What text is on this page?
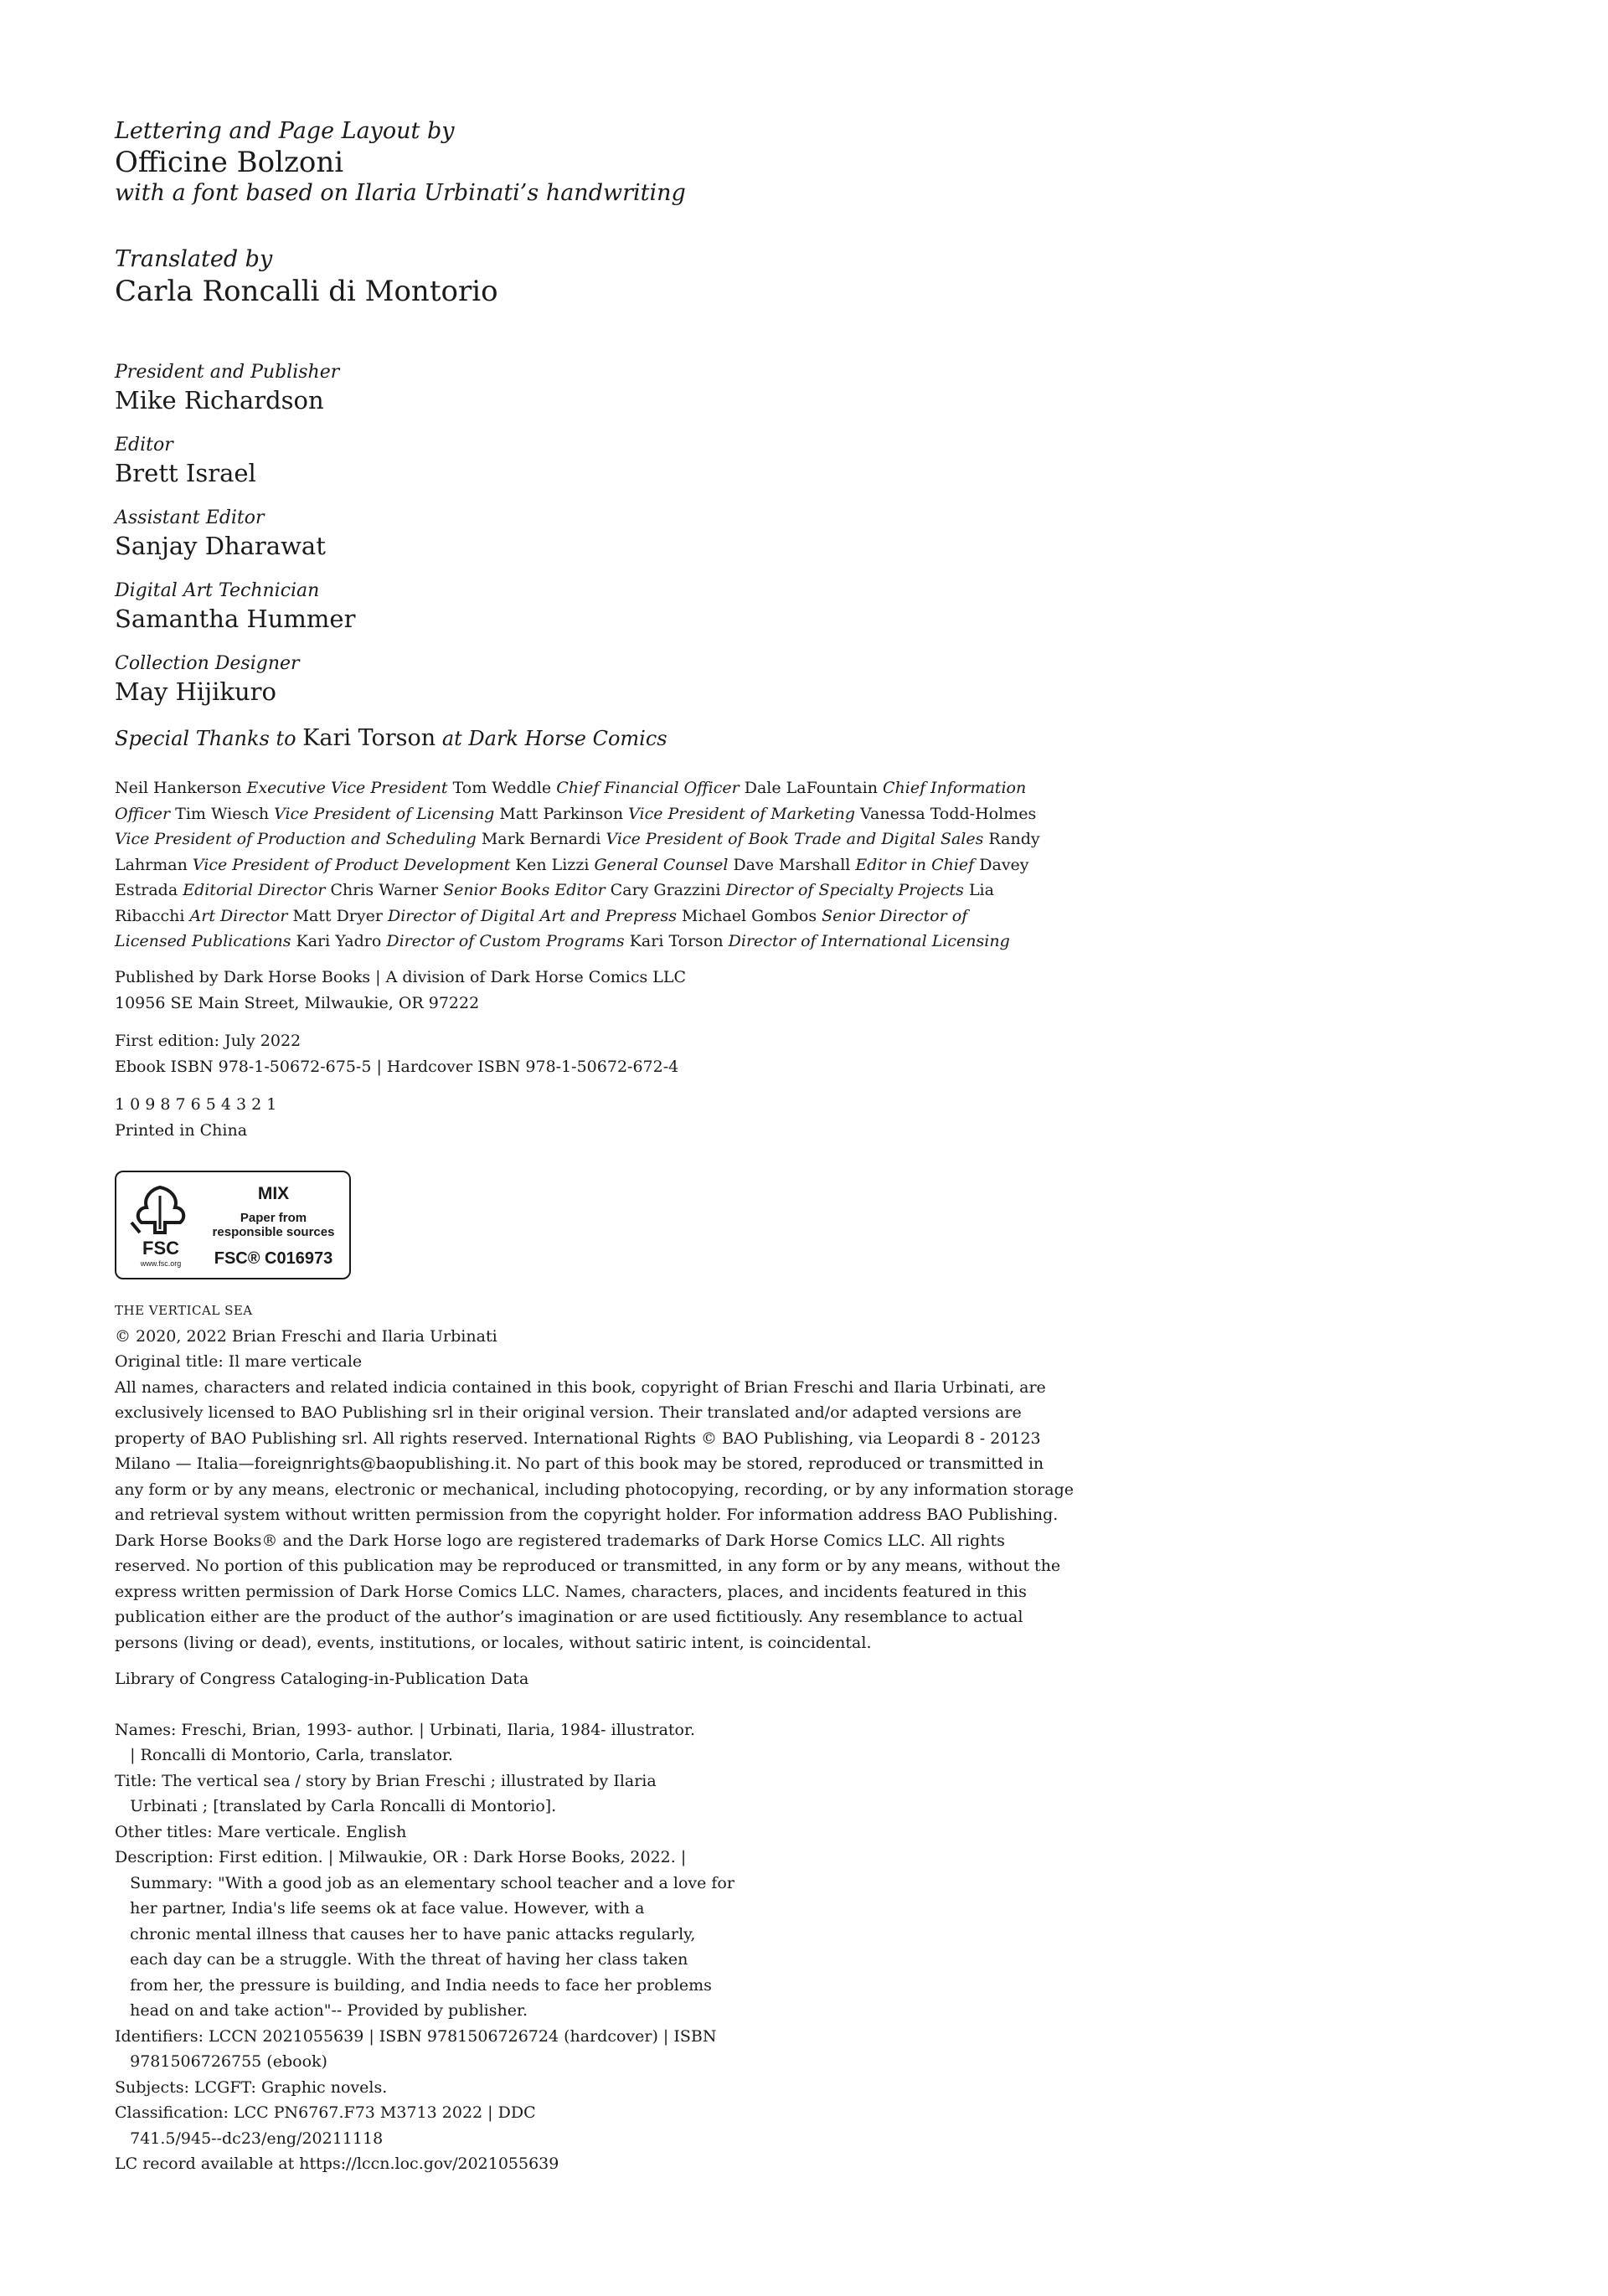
Lettering and Page Layout by
Officine Bolzoni
with a font based on Ilaria Urbinati’s handwriting
Translated by
Carla Roncalli di Montorio
President and Publisher
Mike Richardson
Editor
Brett Israel
Assistant Editor
Sanjay Dharawat
Digital Art Technician
Samantha Hummer
Collection Designer
May Hijikuro
Special Thanks to Kari Torson at Dark Horse Comics
Neil Hankerson Executive Vice President Tom Weddle Chief Financial Officer Dale LaFountain Chief Information Officer Tim Wiesch Vice President of Licensing Matt Parkinson Vice President of Marketing Vanessa Todd-Holmes Vice President of Production and Scheduling Mark Bernardi Vice President of Book Trade and Digital Sales Randy Lahrman Vice President of Product Development Ken Lizzi General Counsel Dave Marshall Editor in Chief Davey Estrada Editorial Director Chris Warner Senior Books Editor Cary Grazzini Director of Specialty Projects Lia Ribacchi Art Director Matt Dryer Director of Digital Art and Prepress Michael Gombos Senior Director of Licensed Publications Kari Yadro Director of Custom Programs Kari Torson Director of International Licensing
Published by Dark Horse Books | A division of Dark Horse Comics LLC
10956 SE Main Street, Milwaukie, OR 97222
First edition: July 2022
Ebook ISBN 978-1-50672-675-5 | Hardcover ISBN 978-1-50672-672-4
1 0 9 8 7 6 5 4 3 2 1
Printed in China
FSC
www.fsc.org
MIX
Paper from
responsible sources
FSC® C016973
THE VERTICAL SEA
© 2020, 2022 Brian Freschi and Ilaria Urbinati
Original title: Il mare verticale
All names, characters and related indicia contained in this book, copyright of Brian Freschi and Ilaria Urbinati, are
exclusively licensed to BAO Publishing srl in their original version. Their translated and/or adapted versions are
property of BAO Publishing srl. All rights reserved. International Rights © BAO Publishing, via Leopardi 8 - 20123
Milano — Italia—foreignrights@baopublishing.it. No part of this book may be stored, reproduced or transmitted in
any form or by any means, electronic or mechanical, including photocopying, recording, or by any information storage
and retrieval system without written permission from the copyright holder. For information address BAO Publishing.
Dark Horse Books® and the Dark Horse logo are registered trademarks of Dark Horse Comics LLC. All rights
reserved. No portion of this publication may be reproduced or transmitted, in any form or by any means, without the
express written permission of Dark Horse Comics LLC. Names, characters, places, and incidents featured in this
publication either are the product of the author’s imagination or are used fictitiously. Any resemblance to actual
persons (living or dead), events, institutions, or locales, without satiric intent, is coincidental.
Library of Congress Cataloging-in-Publication Data
Names: Freschi, Brian, 1993- author. | Urbinati, Ilaria, 1984- illustrator.
| Roncalli di Montorio, Carla, translator.
Title: The vertical sea / story by Brian Freschi ; illustrated by Ilaria
Urbinati ; [translated by Carla Roncalli di Montorio].
Other titles: Mare verticale. English
Description: First edition. | Milwaukie, OR : Dark Horse Books, 2022. |
Summary: "With a good job as an elementary school teacher and a love for
her partner, India's life seems ok at face value. However, with a
chronic mental illness that causes her to have panic attacks regularly,
each day can be a struggle. With the threat of having her class taken
from her, the pressure is building, and India needs to face her problems
head on and take action"-- Provided by publisher.
Identifiers: LCCN 2021055639 | ISBN 9781506726724 (hardcover) | ISBN
9781506726755 (ebook)
Subjects: LCGFT: Graphic novels.
Classification: LCC PN6767.F73 M3713 2022 | DDC
741.5/945--dc23/eng/20211118
LC record available at https://lccn.loc.gov/2021055639
